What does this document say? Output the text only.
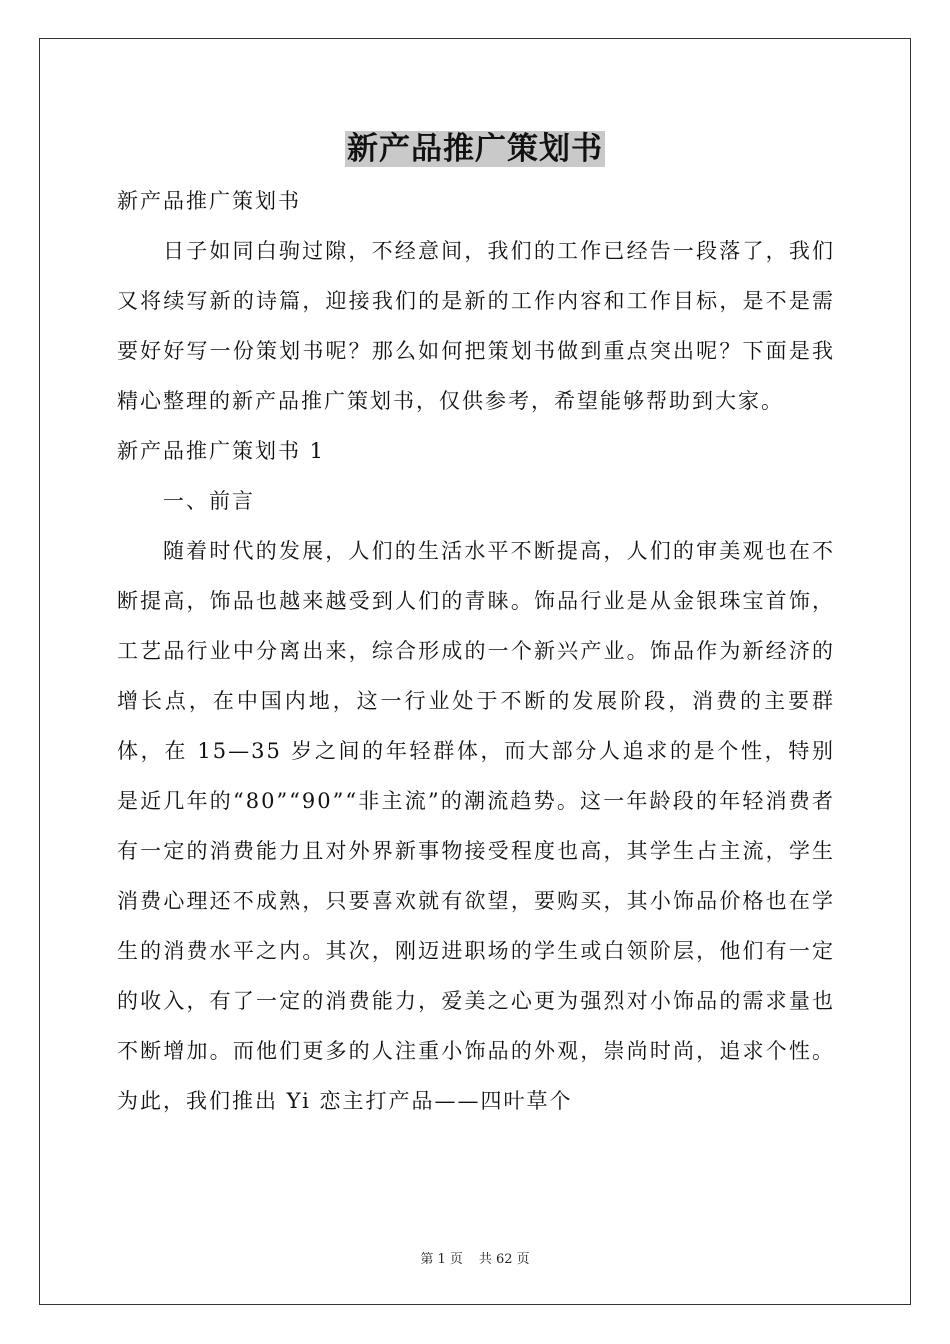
新产品推广策划书

新产品推广策划书

日子如同白驹过隙，不经意间，我们的工作已经告一段落了，我们又将续写新的诗篇，迎接我们的是新的工作内容和工作目标，是不是需要好好写一份策划书呢？那么如何把策划书做到重点突出呢？下面是我精心整理的新产品推广策划书，仅供参考，希望能够帮助到大家。

新产品推广策划书 1

一、前言

随着时代的发展，人们的生活水平不断提高，人们的审美观也在不断提高，饰品也越来越受到人们的青睐。饰品行业是从金银珠宝首饰，工艺品行业中分离出来，综合形成的一个新兴产业。饰品作为新经济的增长点，在中国内地，这一行业处于不断的发展阶段，消费的主要群体，在 15—35 岁之间的年轻群体，而大部分人追求的是个性，特别是近几年的“80”“90”“非主流”的潮流趋势。这一年龄段的年轻消费者有一定的消费能力且对外界新事物接受程度也高，其学生占主流，学生消费心理还不成熟，只要喜欢就有欲望，要购买，其小饰品价格也在学生的消费水平之内。其次，刚迈进职场的学生或白领阶层，他们有一定的收入，有了一定的消费能力，爱美之心更为强烈对小饰品的需求量也不断增加。而他们更多的人注重小饰品的外观，崇尚时尚，追求个性。为此，我们推出 Yi 恋主打产品——四叶草个

第 1 页 共 62 页
